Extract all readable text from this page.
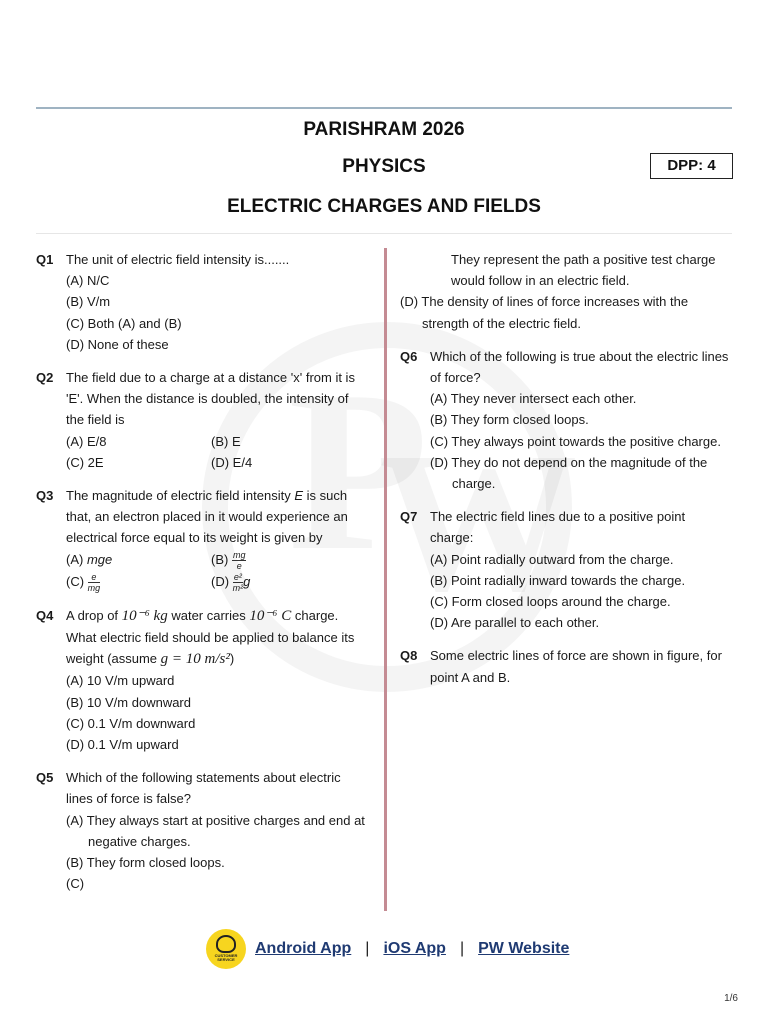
PARISHRAM 2026
PHYSICS	DPP: 4
ELECTRIC CHARGES AND FIELDS
Q1 The unit of electric field intensity is.......
(A) N/C
(B) V/m
(C) Both (A) and (B)
(D) None of these
Q2 The field due to a charge at a distance 'x' from it is 'E'. When the distance is doubled, the intensity of the field is
(A) E/8	(B) E
(C) 2E	(D) E/4
Q3 The magnitude of electric field intensity E is such that, an electron placed in it would experience an electrical force equal to its weight is given by
(A) mge	$(B) \frac{mg}{e}$
$(C) \frac{e}{mg}$	$(D) \frac{\text{e²}}{\text{m²}}$ g
Q4 A drop of 10⁻⁶ kg water carries 10⁻⁶ C charge. What electric field should be applied to balance its weight (assume g = 10 m/s²)
(A) 10 V/m upward
(B) 10 V/m downward
(C) 0.1 V/m downward
(D) 0.1 V/m upward
Q5 Which of the following statements about electric lines of force is false?
(A) They always start at positive charges and end at negative charges.
(B) They form closed loops.
(C)
They represent the path a positive test charge would follow in an electric field.
(D) The density of lines of force increases with the strength of the electric field.
Q6 Which of the following is true about the electric lines of force?
(A) They never intersect each other.
(B) They form closed loops.
(C) They always point towards the positive charge.
(D) They do not depend on the magnitude of the charge.
Q7 The electric field lines due to a positive point charge:
(A) Point radially outward from the charge.
(B) Point radially inward towards the charge.
(C) Form closed loops around the charge.
(D) Are parallel to each other.
Q8 Some electric lines of force are shown in figure, for point A and B.
CUSTOMER SERVICE
Android App | iOS App | PW Website
1/6
